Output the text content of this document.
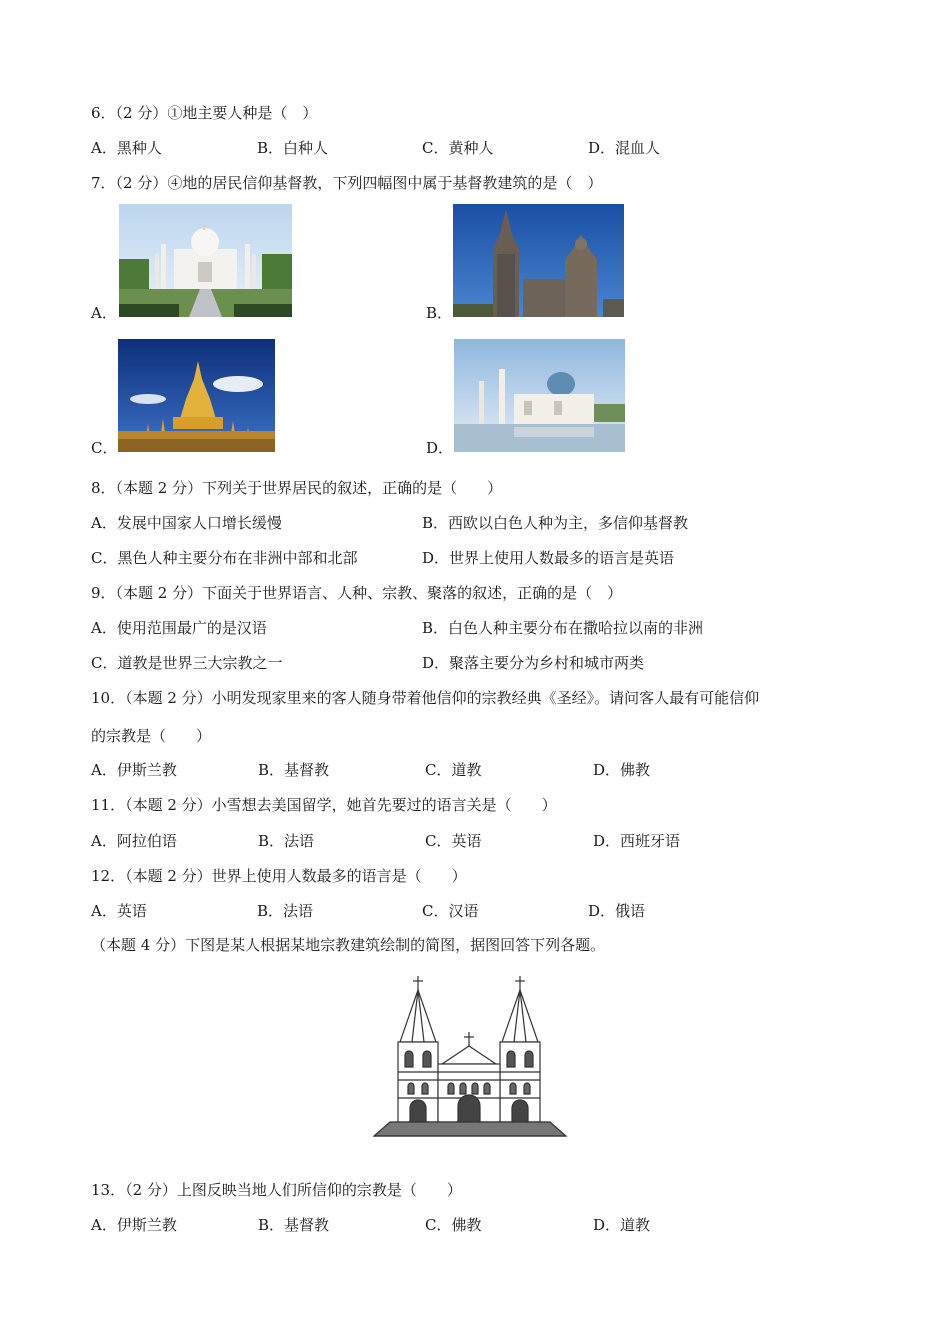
6．（2 分）①地主要人种是（　）
A．黑种人	B．白种人	C．黄种人	D．混血人
7．（2 分）④地的居民信仰基督教，下列四幅图中属于基督教建筑的是（　）
A．	B．
C．	D．
8．（本题 2 分）下列关于世界居民的叙述，正确的是（　　）
A．发展中国家人口增长缓慢	B．西欧以白色人种为主，多信仰基督教
C．黑色人种主要分布在非洲中部和北部	D．世界上使用人数最多的语言是英语
9．（本题 2 分）下面关于世界语言、人种、宗教、聚落的叙述，正确的是（　）
A．使用范围最广的是汉语	B．白色人种主要分布在撒哈拉以南的非洲
C．道教是世界三大宗教之一	D．聚落主要分为乡村和城市两类
10．（本题 2 分）小明发现家里来的客人随身带着他信仰的宗教经典《圣经》。请问客人最有可能信仰
的宗教是（　　）
A．伊斯兰教	B．基督教	C．道教	D．佛教
11．（本题 2 分）小雪想去美国留学，她首先要过的语言关是（　　）
A．阿拉伯语	B．法语	C．英语	D．西班牙语
12．（本题 2 分）世界上使用人数最多的语言是（　　）
A．英语	B．法语	C．汉语	D．俄语
（本题 4 分）下图是某人根据某地宗教建筑绘制的简图，据图回答下列各题。
13．（2 分）上图反映当地人们所信仰的宗教是（　　）
A．伊斯兰教	B．基督教	C．佛教	D．道教
